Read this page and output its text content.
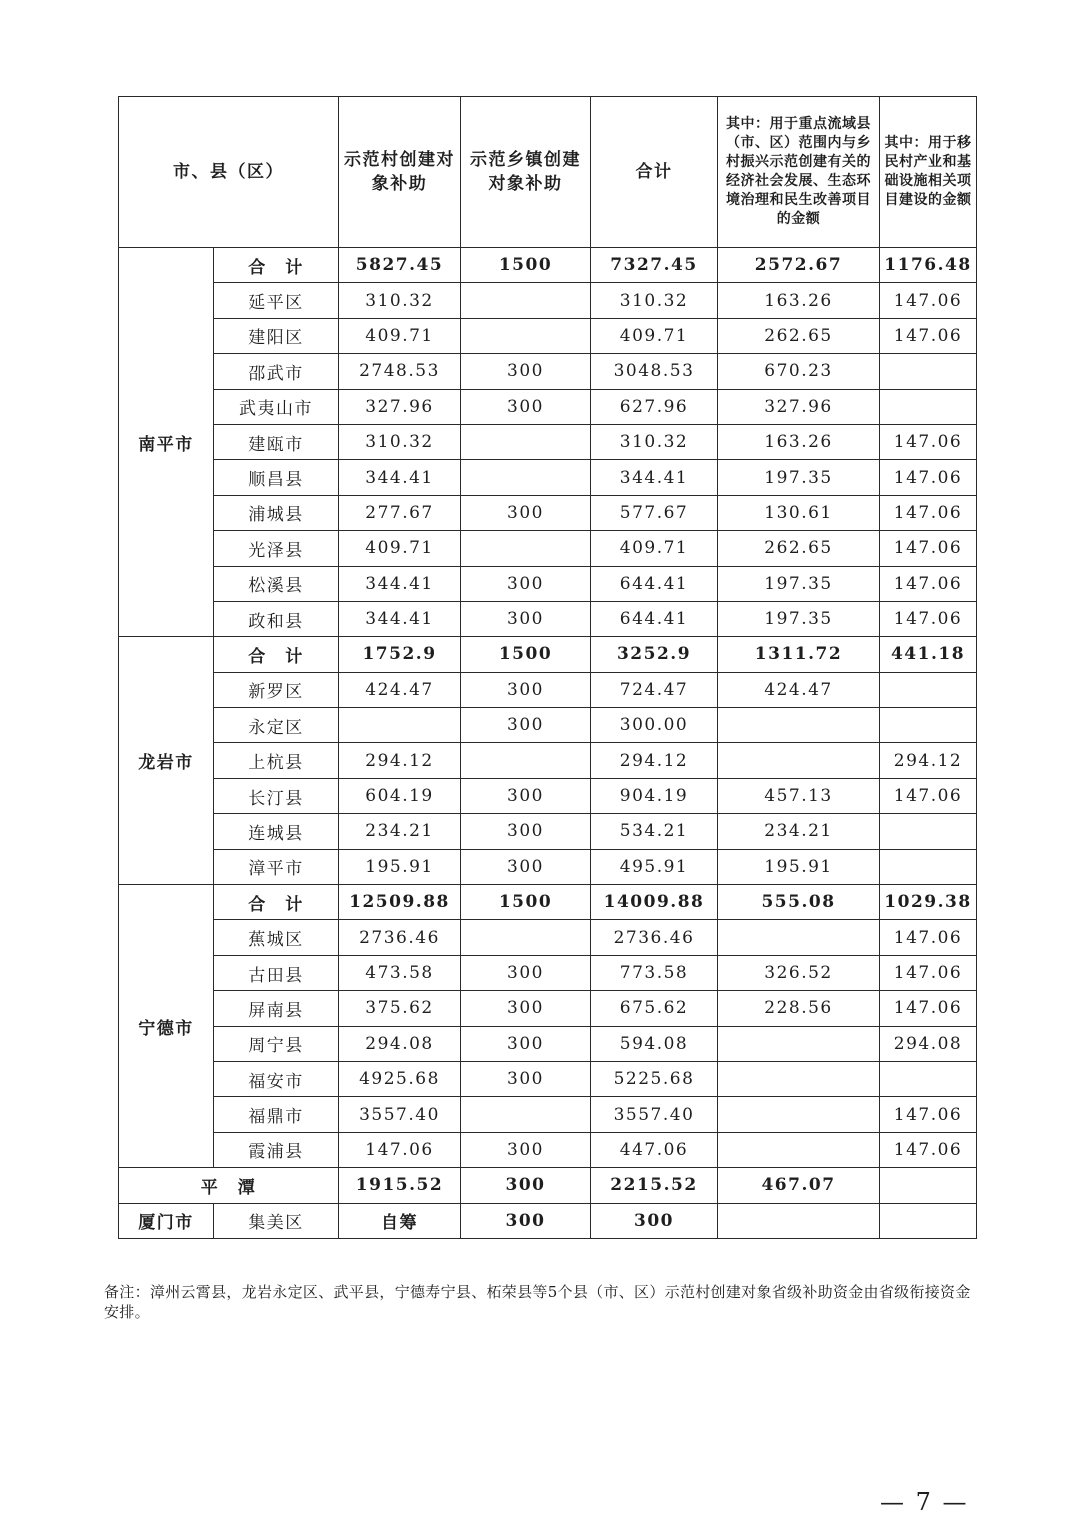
市、县（区）		示范村创建对象补助	示范乡镇创建对象补助	合计	其中：用于重点流域县（市、区）范围内与乡村振兴示范创建有关的经济社会发展、生态环境治理和民生改善项目的金额	其中：用于移民村产业和基础设施相关项目建设的金额
南平市	合　计	5827.45	1500	7327.45	2572.67	1176.48
	延平区	310.32		310.32	163.26	147.06
	建阳区	409.71		409.71	262.65	147.06
	邵武市	2748.53	300	3048.53	670.23	
	武夷山市	327.96	300	627.96	327.96	
	建瓯市	310.32		310.32	163.26	147.06
	顺昌县	344.41		344.41	197.35	147.06
	浦城县	277.67	300	577.67	130.61	147.06
	光泽县	409.71		409.71	262.65	147.06
	松溪县	344.41	300	644.41	197.35	147.06
	政和县	344.41	300	644.41	197.35	147.06
龙岩市	合　计	1752.9	1500	3252.9	1311.72	441.18
	新罗区	424.47	300	724.47	424.47	
	永定区		300	300.00		
	上杭县	294.12		294.12		294.12
	长汀县	604.19	300	904.19	457.13	147.06
	连城县	234.21	300	534.21	234.21	
	漳平市	195.91	300	495.91	195.91	
宁德市	合　计	12509.88	1500	14009.88	555.08	1029.38
	蕉城区	2736.46		2736.46		147.06
	古田县	473.58	300	773.58	326.52	147.06
	屏南县	375.62	300	675.62	228.56	147.06
	周宁县	294.08	300	594.08		294.08
	福安市	4925.68	300	5225.68		
	福鼎市	3557.40		3557.40		147.06
	霞浦县	147.06	300	447.06		147.06
平　潭		1915.52	300	2215.52	467.07	
厦门市	集美区	自筹	300	300		
备注：漳州云霄县，龙岩永定区、武平县，宁德寿宁县、柘荣县等5个县（市、区）示范村创建对象省级补助资金由省级衔接资金安排。
— 7 —
